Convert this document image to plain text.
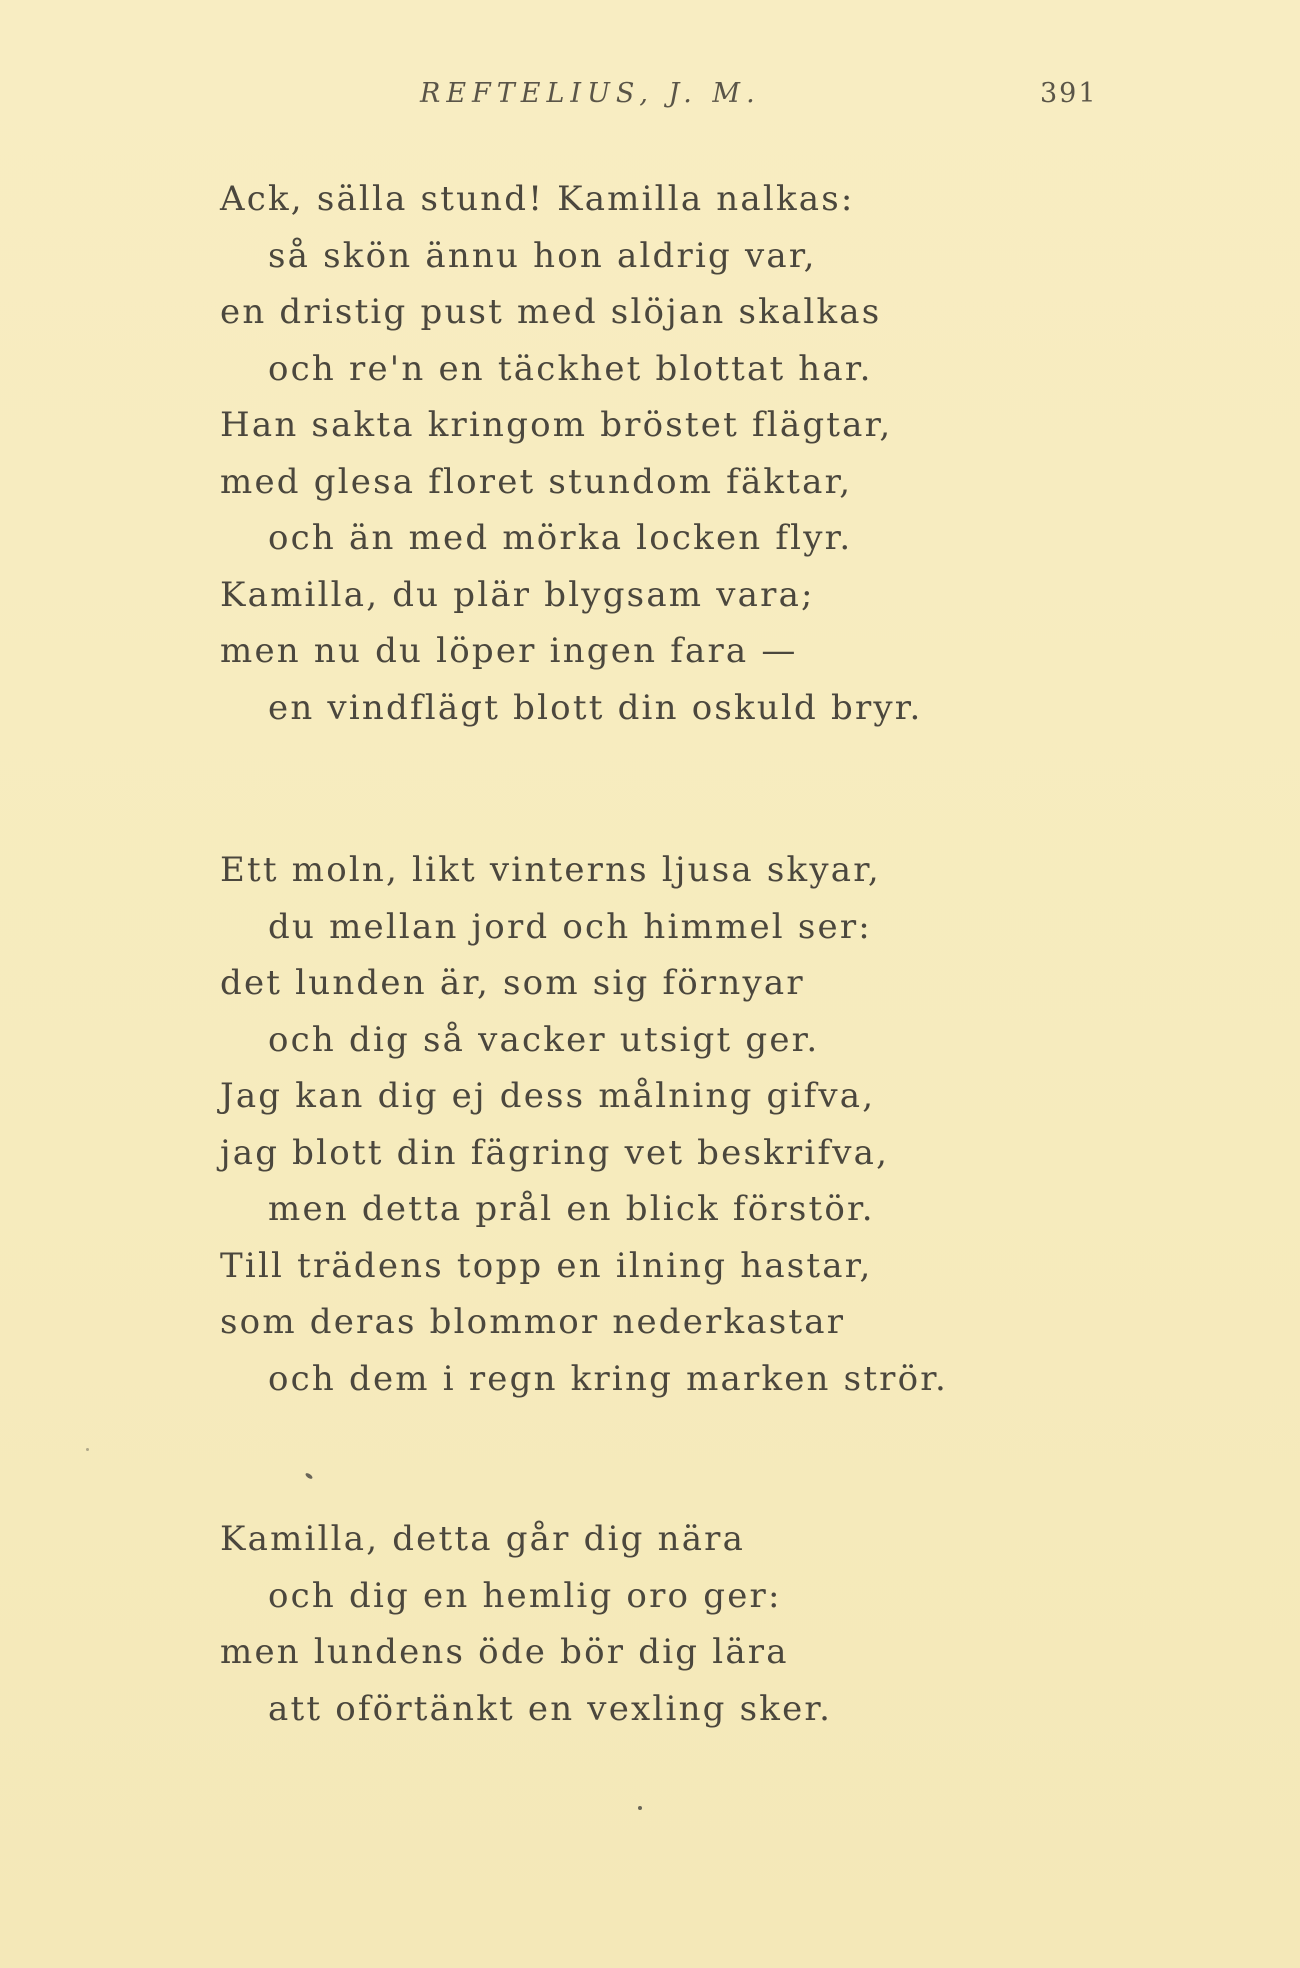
REFTELIUS, J. M.	391
Ack, sälla stund! Kamilla nalkas:
så skön ännu hon aldrig var,
en dristig pust med slöjan skalkas
och re'n en täckhet blottat har.
Han sakta kringom bröstet flägtar,
med glesa floret stundom fäktar,
och än med mörka locken flyr.
Kamilla, du plär blygsam vara;
men nu du löper ingen fara —
en vindflägt blott din oskuld bryr.
Ett moln, likt vinterns ljusa skyar,
du mellan jord och himmel ser:
det lunden är, som sig förnyar
och dig så vacker utsigt ger.
Jag kan dig ej dess målning gifva,
jag blott din fägring vet beskrifva,
men detta prål en blick förstör.
Till trädens topp en ilning hastar,
som deras blommor nederkastar
och dem i regn kring marken strör.
Kamilla, detta går dig nära
och dig en hemlig oro ger:
men lundens öde bör dig lära
att oförtänkt en vexling sker.
